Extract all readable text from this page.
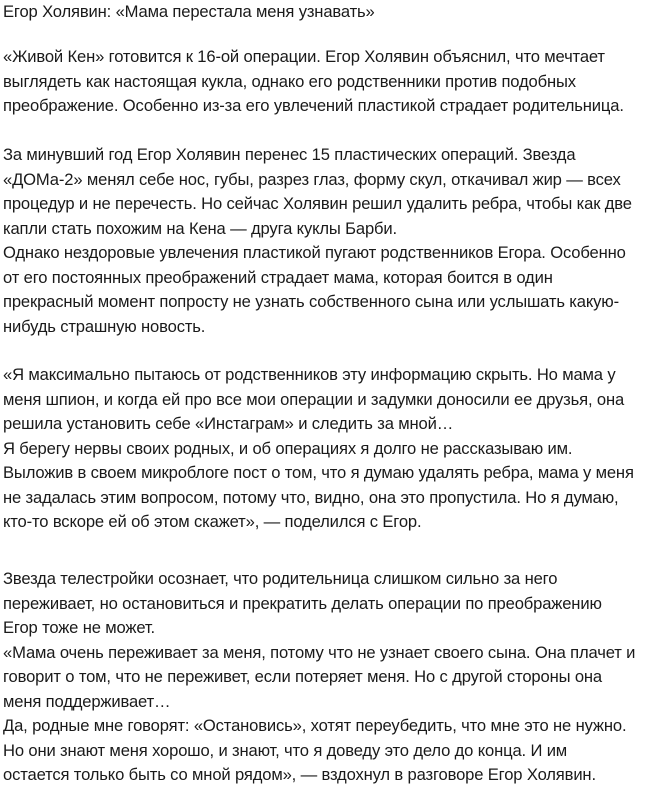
Егор Холявин: «Мама перестала меня узнавать»

«Живой Кен» готовится к 16-ой операции. Егор Холявин объяснил, что мечтает
выглядеть как настоящая кукла, однако его родственники против подобных
преображение. Особенно из-за его увлечений пластикой страдает родительница.

За минувший год Егор Холявин перенес 15 пластических операций. Звезда
«ДОМа-2» менял себе нос, губы, разрез глаз, форму скул, откачивал жир — всех
процедур и не перечесть. Но сейчас Холявин решил удалить ребра, чтобы как две
капли стать похожим на Кена — друга куклы Барби.
Однако нездоровые увлечения пластикой пугают родственников Егора. Особенно
от его постоянных преображений страдает мама, которая боится в один
прекрасный момент попросту не узнать собственного сына или услышать какую-
нибудь страшную новость.

«Я максимально пытаюсь от родственников эту информацию скрыть. Но мама у
меня шпион, и когда ей про все мои операции и задумки доносили ее друзья, она
решила установить себе «Инстаграм» и следить за мной…
Я берегу нервы своих родных, и об операциях я долго не рассказываю им.
Выложив в своем микроблоге пост о том, что я думаю удалять ребра, мама у меня
не задалась этим вопросом, потому что, видно, она это пропустила. Но я думаю,
кто-то вскоре ей об этом скажет», — поделился с Егор.

Звезда телестройки осознает, что родительница слишком сильно за него
переживает, но остановиться и прекратить делать операции по преображению
Егор тоже не может.
«Мама очень переживает за меня, потому что не узнает своего сына. Она плачет и
говорит о том, что не переживет, если потеряет меня. Но с другой стороны она
меня поддерживает…
Да, родные мне говорят: «Остановись», хотят переубедить, что мне это не нужно.
Но они знают меня хорошо, и знают, что я доведу это дело до конца. И им
остается только быть со мной рядом», — вздохнул в разговоре Егор Холявин.
